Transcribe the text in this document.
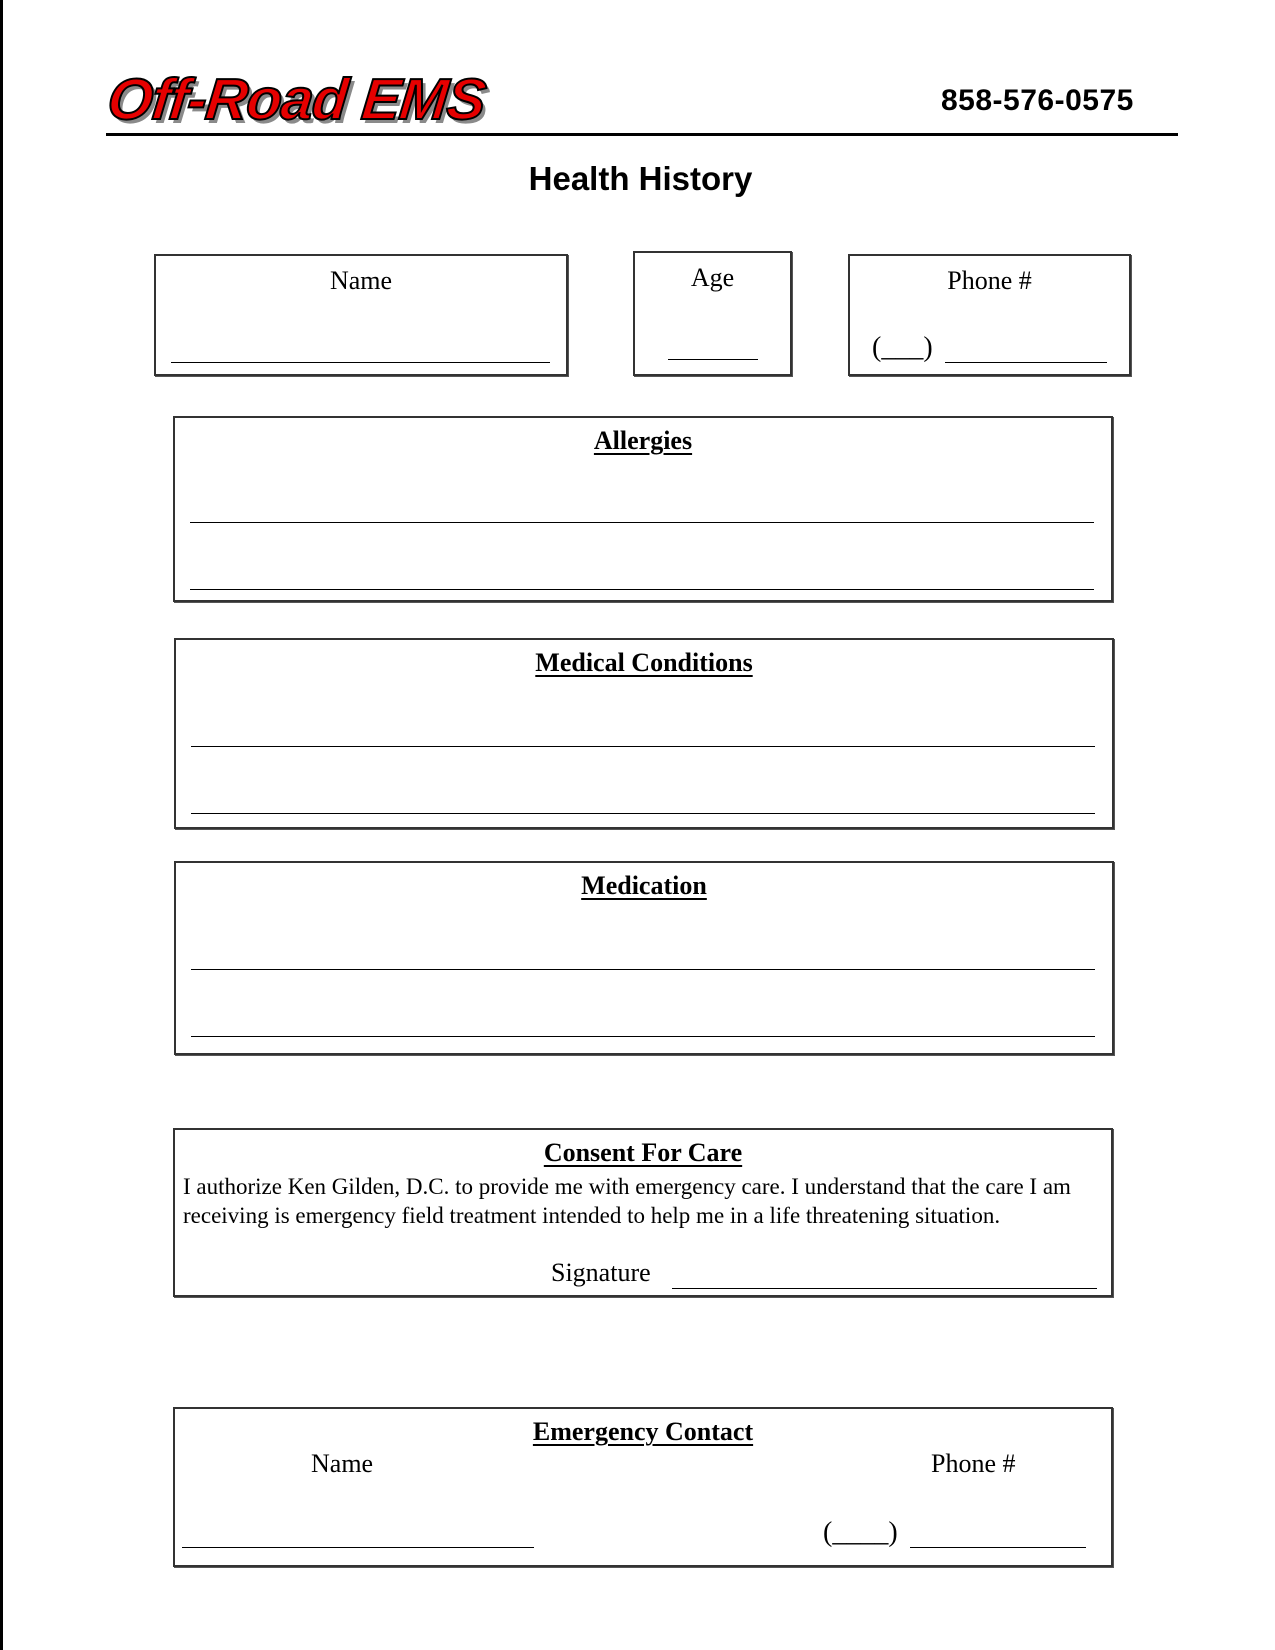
Off-Road EMS	858-576-0575
Health History
Name	Age	Phone #
(___)
Allergies
Medical Conditions
Medication
Consent For Care
I authorize Ken Gilden, D.C. to provide me with emergency care. I understand that the care I am receiving is emergency field treatment intended to help me in a life threatening situation.
Signature
Emergency Contact
Name	Phone #
(____)
